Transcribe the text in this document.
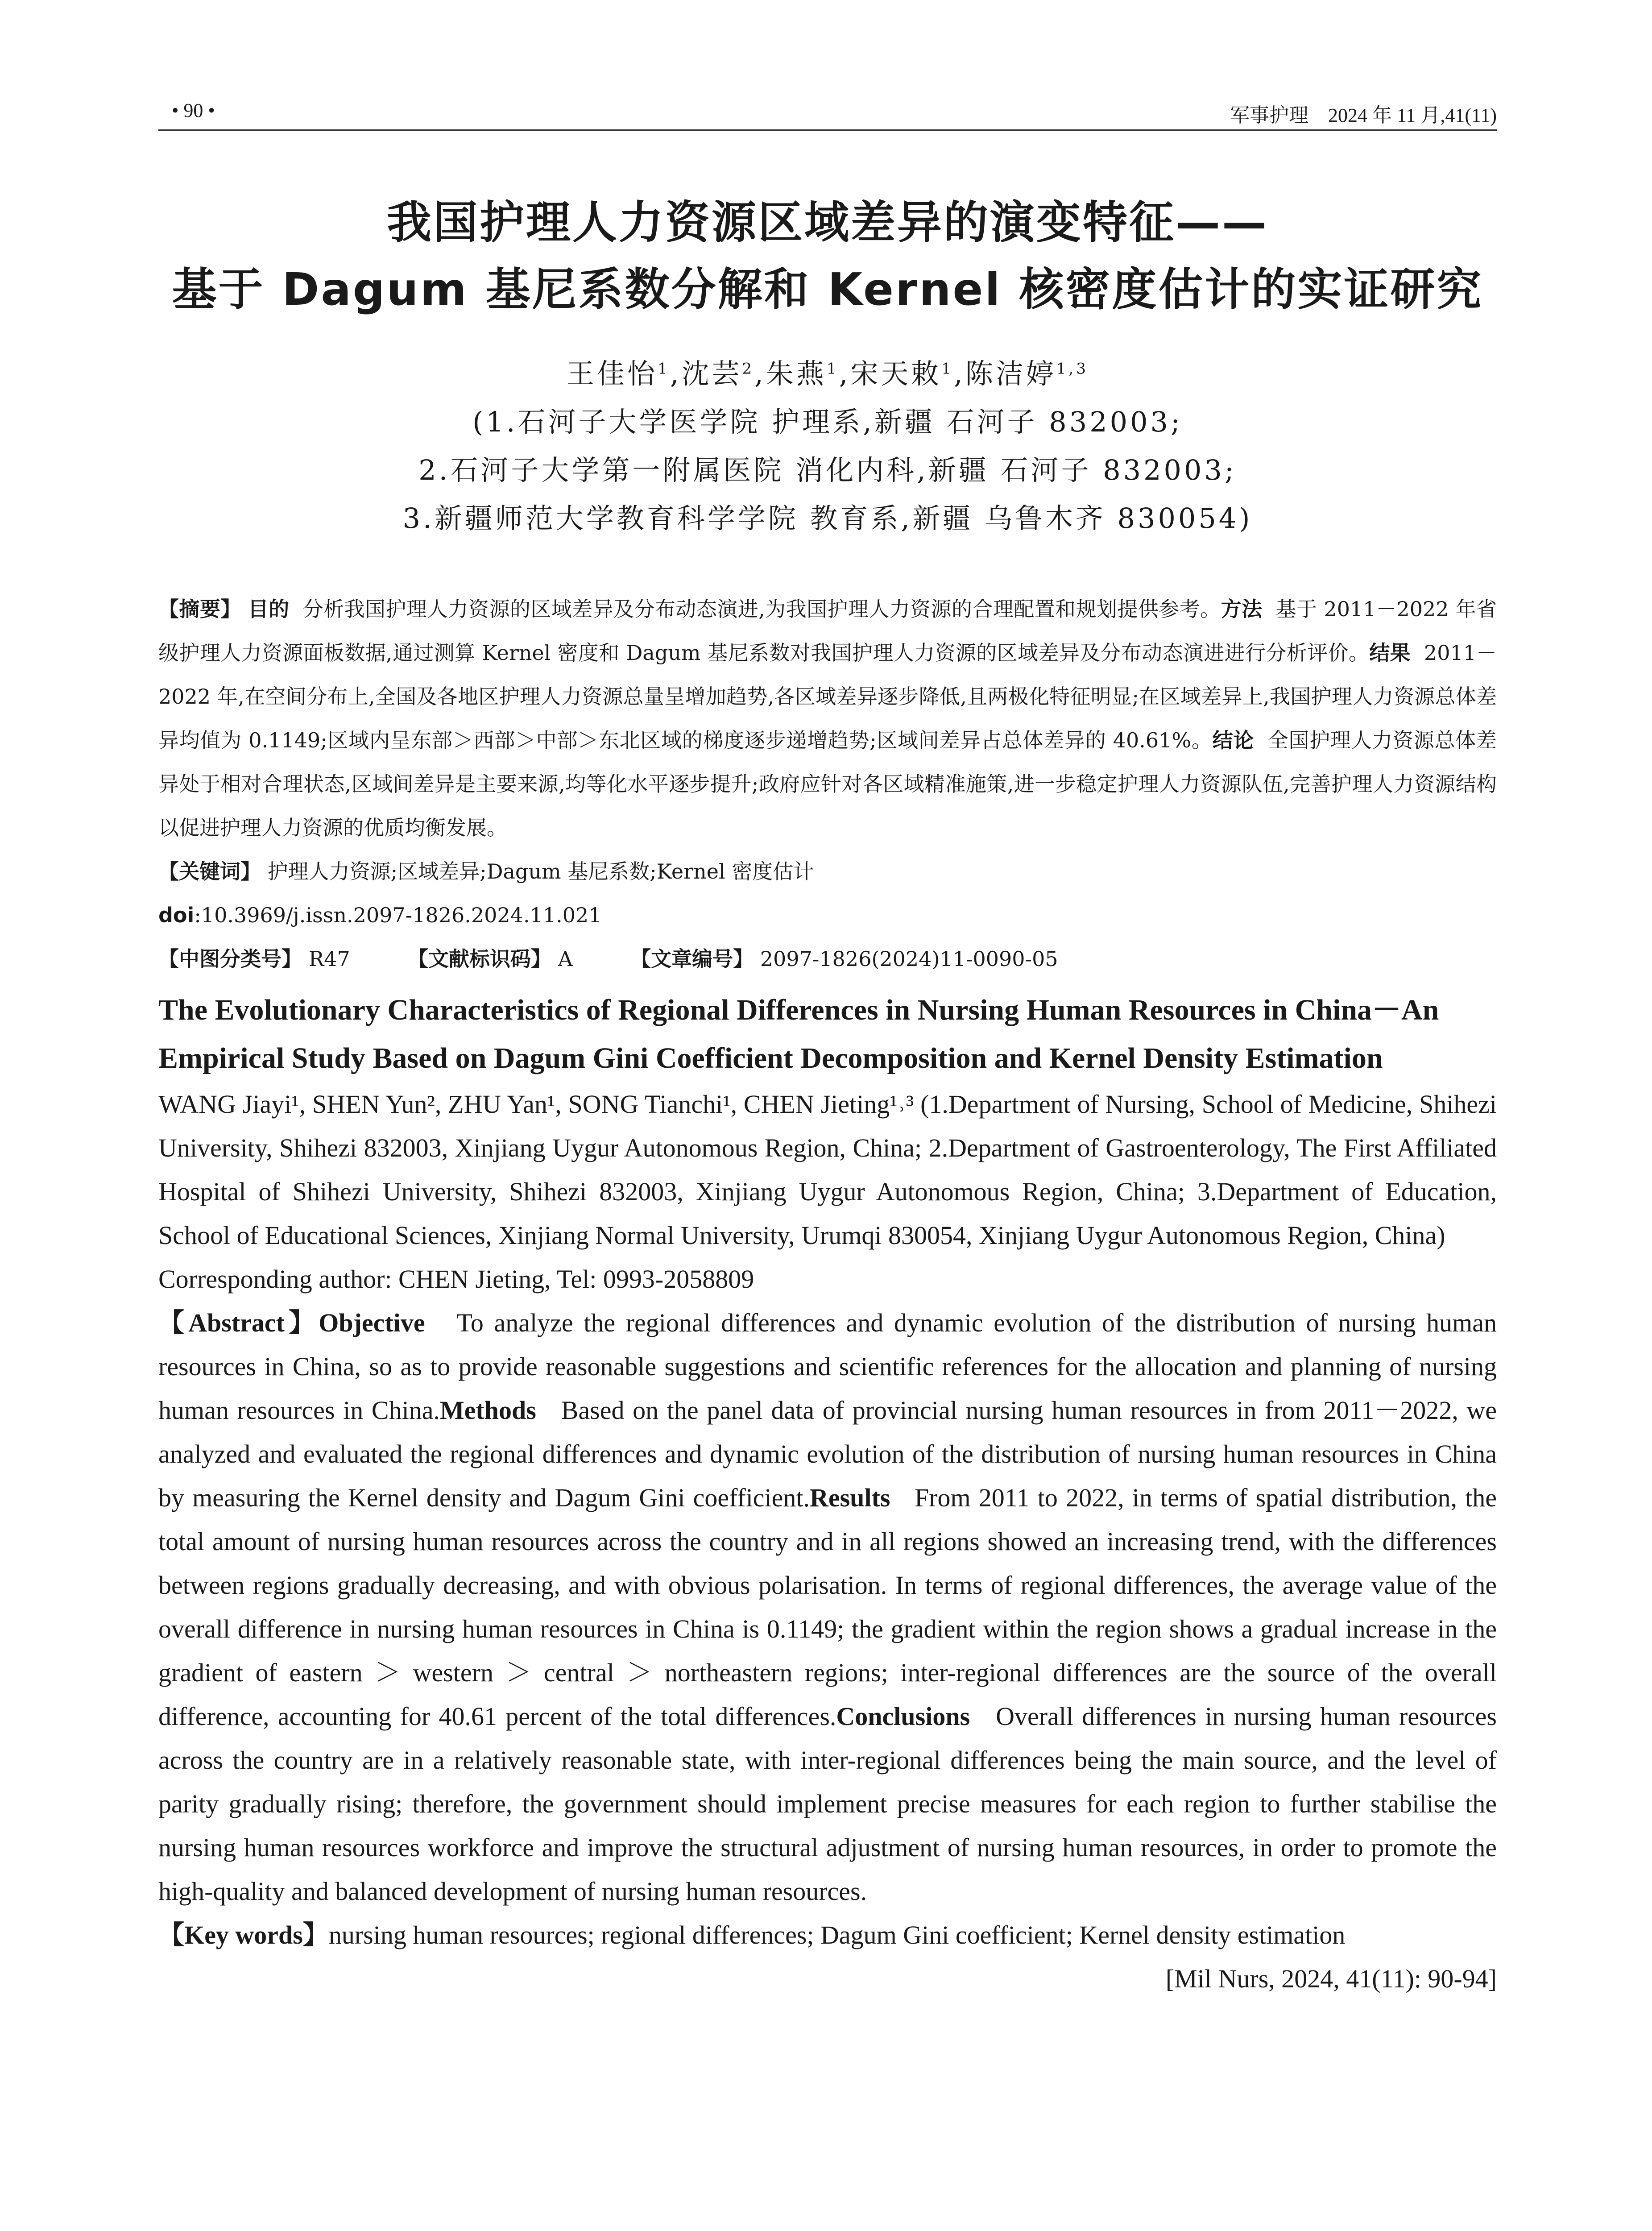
• 90 •	军事护理　2024 年 11 月,41(11)
我国护理人力资源区域差异的演变特征——
基于 Dagum 基尼系数分解和 Kernel 核密度估计的实证研究
王佳怡$^1$,沈芸$^2$,朱燕$^1$,宋天敕$^1$,陈洁婷$^{1,3}$
(1.石河子大学医学院 护理系,新疆 石河子 832003;
2.石河子大学第一附属医院 消化内科,新疆 石河子 832003;
3.新疆师范大学教育科学学院 教育系,新疆 乌鲁木齐 830054)
【摘要】 目的 分析我国护理人力资源的区域差异及分布动态演进,为我国护理人力资源的合理配置和规划提供参考。方法 基于 2011－2022 年省级护理人力资源面板数据,通过测算 Kernel 密度和 Dagum 基尼系数对我国护理人力资源的区域差异及分布动态演进进行分析评价。结果 2011－2022 年,在空间分布上,全国及各地区护理人力资源总量呈增加趋势,各区域差异逐步降低,且两极化特征明显;在区域差异上,我国护理人力资源总体差异均值为 0.1149;区域内呈东部＞西部＞中部＞东北区域的梯度逐步递增趋势;区域间差异占总体差异的 40.61%。结论 全国护理人力资源总体差异处于相对合理状态,区域间差异是主要来源,均等化水平逐步提升;政府应针对各区域精准施策,进一步稳定护理人力资源队伍,完善护理人力资源结构以促进护理人力资源的优质均衡发展。
【关键词】 护理人力资源;区域差异;Dagum 基尼系数;Kernel 密度估计
doi:10.3969/j.issn.2097-1826.2024.11.021
【中图分类号】 R47	【文献标识码】 A	【文章编号】 2097-1826(2024)11-0090-05
The Evolutionary Characteristics of Regional Differences in Nursing Human Resources in China－An
Empirical Study Based on Dagum Gini Coefficient Decomposition and Kernel Density Estimation
WANG Jiayi¹, SHEN Yun², ZHU Yan¹, SONG Tianchi¹, CHEN Jieting¹˒³ (1.Department of Nursing, School of Medicine, Shihezi University, Shihezi 832003, Xinjiang Uygur Autonomous Region, China; 2.Department of Gastroenterology, The First Affiliated Hospital of Shihezi University, Shihezi 832003, Xinjiang Uygur Autonomous Region, China; 3.Department of Education, School of Educational Sciences, Xinjiang Normal University, Urumqi 830054, Xinjiang Uygur Autonomous Region, China)
Corresponding author: CHEN Jieting, Tel: 0993-2058809
【Abstract】Objective To analyze the regional differences and dynamic evolution of the distribution of nursing human resources in China, so as to provide reasonable suggestions and scientific references for the allocation and planning of nursing human resources in China.Methods Based on the panel data of provincial nursing human resources in from 2011－2022, we analyzed and evaluated the regional differences and dynamic evolution of the distribution of nursing human resources in China by measuring the Kernel density and Dagum Gini coefficient.Results From 2011 to 2022, in terms of spatial distribution, the total amount of nursing human resources across the country and in all regions showed an increasing trend, with the differences between regions gradually decreasing, and with obvious polarisation. In terms of regional differences, the average value of the overall difference in nursing human resources in China is 0.1149; the gradient within the region shows a gradual increase in the gradient of eastern ＞ western ＞ central ＞ northeastern regions; inter-regional differences are the source of the overall difference, accounting for 40.61 percent of the total differences.Conclusions Overall differences in nursing human resources across the country are in a relatively reasonable state, with inter-regional differences being the main source, and the level of parity gradually rising; therefore, the government should implement precise measures for each region to further stabilise the nursing human resources workforce and improve the structural adjustment of nursing human resources, in order to promote the high-quality and balanced development of nursing human resources.
【Key words】nursing human resources; regional differences; Dagum Gini coefficient; Kernel density estimation
[Mil Nurs, 2024, 41(11): 90-94]
